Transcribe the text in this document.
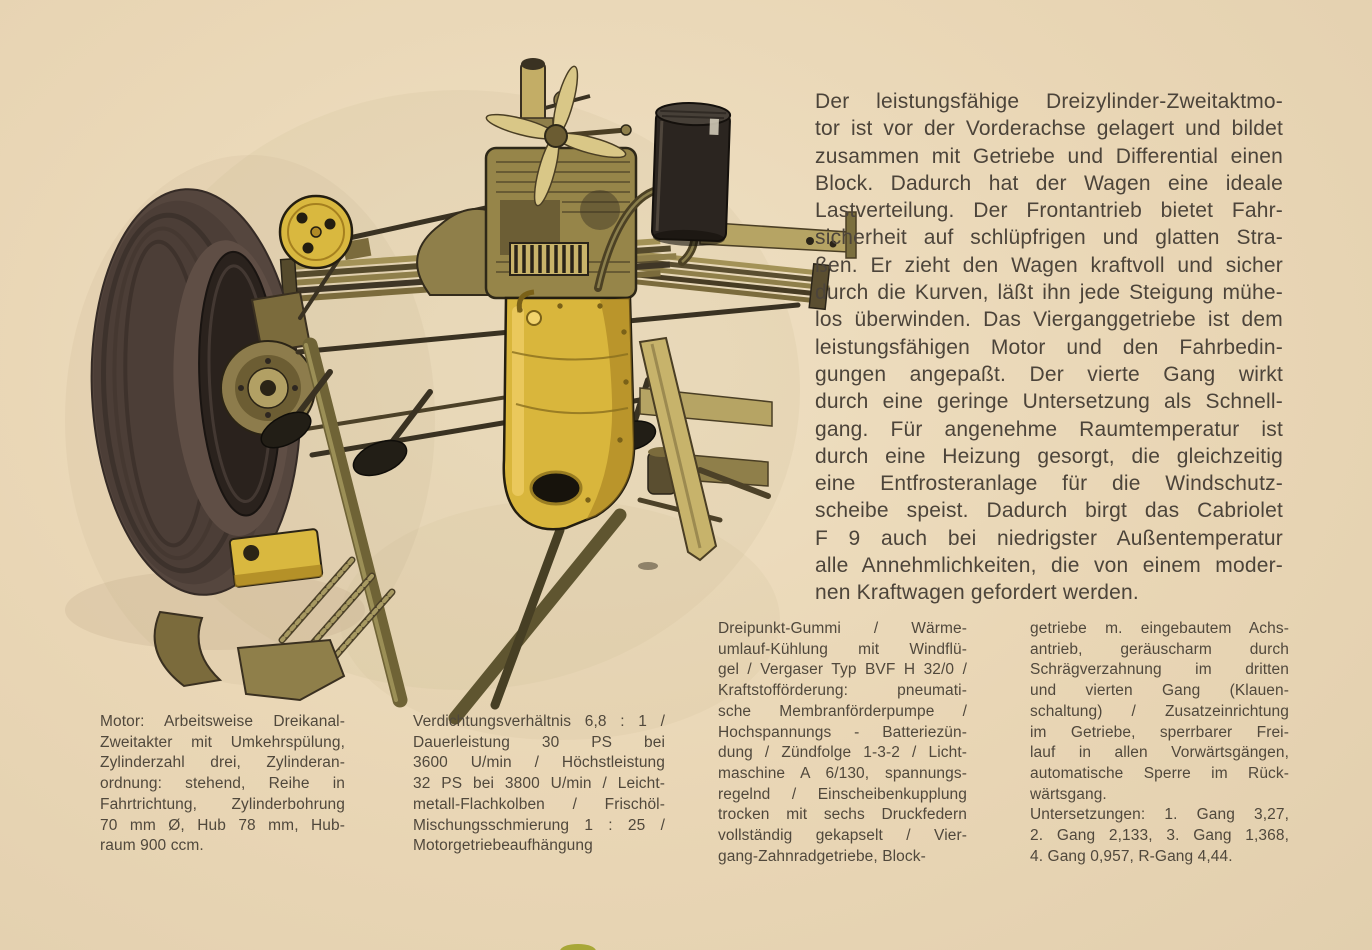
Der leistungsfähige Dreizylinder-Zweitaktmo-
tor ist vor der Vorderachse gelagert und bildet
zusammen mit Getriebe und Differential einen
Block. Dadurch hat der Wagen eine ideale
Lastverteilung. Der Frontantrieb bietet Fahr-
sicherheit auf schlüpfrigen und glatten Stra-
ßen. Er zieht den Wagen kraftvoll und sicher
durch die Kurven, läßt ihn jede Steigung mühe-
los überwinden. Das Vierganggetriebe ist dem
leistungsfähigen Motor und den Fahrbedin-
gungen angepaßt. Der vierte Gang wirkt
durch eine geringe Untersetzung als Schnell-
gang. Für angenehme Raumtemperatur ist
durch eine Heizung gesorgt, die gleichzeitig
eine Entfrosteranlage für die Windschutz-
scheibe speist. Dadurch birgt das Cabriolet
F 9 auch bei niedrigster Außentemperatur
alle Annehmlichkeiten, die von einem moder-
nen Kraftwagen gefordert werden.
Motor: Arbeitsweise Dreikanal-
Zweitakter mit Umkehrspülung,
Zylinderzahl drei, Zylinderan-
ordnung: stehend, Reihe in
Fahrtrichtung, Zylinderbohrung
70 mm Ø, Hub 78 mm, Hub-
raum 900 ccm.
Verdichtungsverhältnis 6,8 : 1 /
Dauerleistung 30 PS bei
3600 U/min / Höchstleistung
32 PS bei 3800 U/min / Leicht-
metall-Flachkolben / Frischöl-
Mischungsschmierung 1 : 25 /
Motorgetriebeaufhängung
Dreipunkt-Gummi / Wärme-
umlauf-Kühlung mit Windflü-
gel / Vergaser Typ BVF H 32/0 /
Kraftstofförderung: pneumati-
sche Membranförderpumpe /
Hochspannungs - Batteriezün-
dung / Zündfolge 1-3-2 / Licht-
maschine A 6/130, spannungs-
regelnd / Einscheibenkupplung
trocken mit sechs Druckfedern
vollständig gekapselt / Vier-
gang-Zahnradgetriebe, Block-
getriebe m. eingebautem Achs-
antrieb, geräuscharm durch
Schrägverzahnung im dritten
und vierten Gang (Klauen-
schaltung) / Zusatzeinrichtung
im Getriebe, sperrbarer Frei-
lauf in allen Vorwärtsgängen,
automatische Sperre im Rück-
wärtsgang.
Untersetzungen: 1. Gang 3,27,
2. Gang 2,133, 3. Gang 1,368,
4. Gang 0,957, R-Gang 4,44.
